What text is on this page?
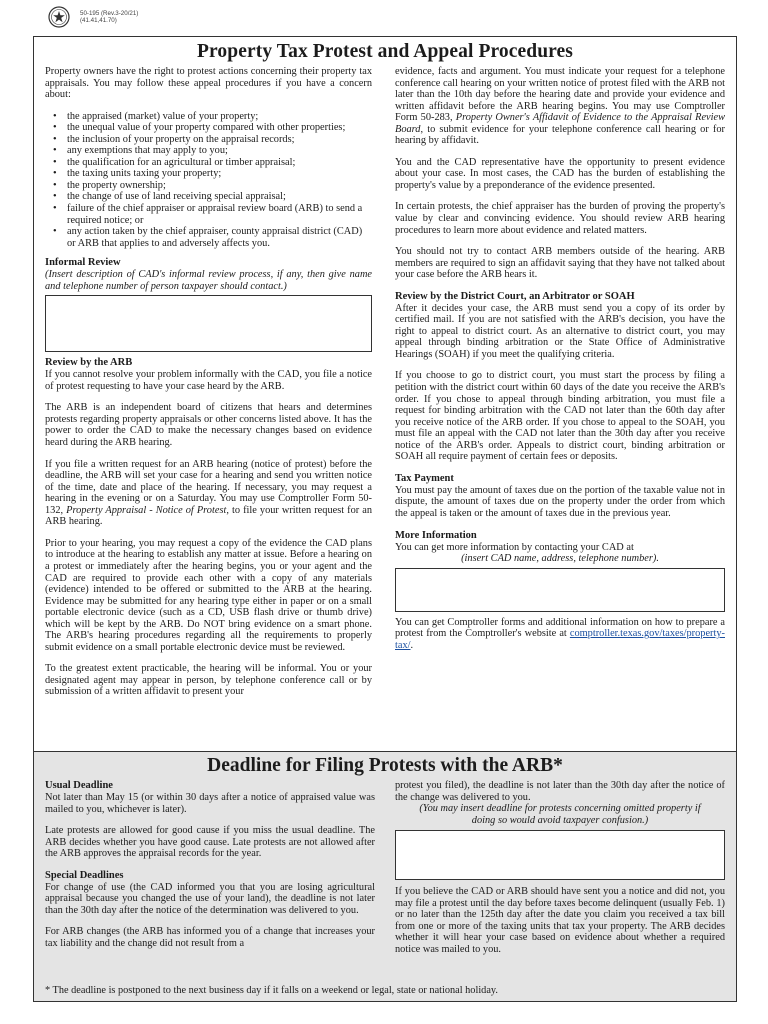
50-195 (Rev.3-20/21)
(41.41,41.70)
Property Tax Protest and Appeal Procedures

Property owners have the right to protest actions concerning their property tax appraisals. You may follow these appeal procedures if you have a concern about:

• the appraised (market) value of your property;
• the unequal value of your property compared with other properties;
• the inclusion of your property on the appraisal records;
• any exemptions that may apply to you;
• the qualification for an agricultural or timber appraisal;
• the taxing units taxing your property;
• the property ownership;
• the change of use of land receiving special appraisal;
• failure of the chief appraiser or appraisal review board (ARB) to send a required notice; or
• any action taken by the chief appraiser, county appraisal district (CAD) or ARB that applies to and adversely affects you.
Informal Review

(Insert description of CAD's informal review process, if any, then give name and telephone number of person taxpayer should contact.)

Review by the ARB

If you cannot resolve your problem informally with the CAD, you file a notice of protest requesting to have your case heard by the ARB.

The ARB is an independent board of citizens that hears and determines protests regarding property appraisals or other concerns listed above. It has the power to order the CAD to make the necessary changes based on evidence heard during the ARB hearing.

If you file a written request for an ARB hearing (notice of protest) before the deadline, the ARB will set your case for a hearing and send you written notice of the time, date and place of the hearing. If necessary, you may request a hearing in the evening or on a Saturday. You may use Comptroller Form 50-132, Property Appraisal - Notice of Protest, to file your written request for an ARB hearing.

Prior to your hearing, you may request a copy of the evidence the CAD plans to introduce at the hearing to establish any matter at issue. Before a hearing on a protest or immediately after the hearing begins, you or your agent and the CAD are required to provide each other with a copy of any materials (evidence) intended to be offered or submitted to the ARB at the hearing. Evidence may be submitted for any hearing type either in paper or on a small portable electronic device (such as a CD, USB flash drive or thumb drive) which will be kept by the ARB. Do NOT bring evidence on a smart phone. The ARB's hearing procedures regarding all the requirements to properly submit evidence on a small portable electronic device must be reviewed.

To the greatest extent practicable, the hearing will be informal. You or your designated agent may appear in person, by telephone conference call or by submission of a written affidavit to present your

evidence, facts and argument. You must indicate your request for a telephone conference call hearing on your written notice of protest filed with the ARB not later than the 10th day before the hearing date and provide your evidence and written affidavit before the ARB hearing begins. You may use Comptroller Form 50-283, Property Owner's Affidavit of Evidence to the Appraisal Review Board, to submit evidence for your telephone conference call hearing or for hearing by affidavit.

You and the CAD representative have the opportunity to present evidence about your case. In most cases, the CAD has the burden of establishing the property's value by a preponderance of the evidence presented.

In certain protests, the chief appraiser has the burden of proving the property's value by clear and convincing evidence. You should review ARB hearing procedures to learn more about evidence and related matters.

You should not try to contact ARB members outside of the hearing. ARB members are required to sign an affidavit saying that they have not talked about your case before the ARB hears it.

Review by the District Court, an Arbitrator or SOAH

After it decides your case, the ARB must send you a copy of its order by certified mail. If you are not satisfied with the ARB's decision, you have the right to appeal to district court. As an alternative to district court, you may appeal through binding arbitration or the State Office of Administrative Hearings (SOAH) if you meet the qualifying criteria.

If you choose to go to district court, you must start the process by filing a petition with the district court within 60 days of the date you receive the ARB's order. If you chose to appeal through binding arbitration, you must file a request for binding arbitration with the CAD not later than the 60th day after you receive notice of the ARB order. If you chose to appeal to the SOAH, you must file an appeal with the CAD not later than the 30th day after you receive notice of the ARB's order. Appeals to district court, binding arbitration or SOAH all require payment of certain fees or deposits.

Tax Payment

You must pay the amount of taxes due on the portion of the taxable value not in dispute, the amount of taxes due on the property under the order from which the appeal is taken or the amount of taxes due in the previous year.

More Information

You can get more information by contacting your CAD at

(insert CAD name, address, telephone number).

You can get Comptroller forms and additional information on how to prepare a protest from the Comptroller's website at comptroller.texas.gov/taxes/property-tax/.

Deadline for Filing Protests with the ARB*
Usual Deadline

Not later than May 15 (or within 30 days after a notice of appraised value was mailed to you, whichever is later).

Late protests are allowed for good cause if you miss the usual deadline. The ARB decides whether you have good cause. Late protests are not allowed after the ARB approves the appraisal records for the year.

Special Deadlines

For change of use (the CAD informed you that you are losing agricultural appraisal because you changed the use of your land), the deadline is not later than the 30th day after the notice of the determination was delivered to you.

For ARB changes (the ARB has informed you of a change that increases your tax liability and the change did not result from a

protest you filed), the deadline is not later than the 30th day after the notice of the change was delivered to you.

(You may insert deadline for protests concerning omitted property if doing so would avoid taxpayer confusion.)

If you believe the CAD or ARB should have sent you a notice and did not, you may file a protest until the day before taxes become delinquent (usually Feb. 1) or no later than the 125th day after the date you claim you received a tax bill from one or more of the taxing units that tax your property. The ARB decides whether it will hear your case based on evidence about whether a required notice was mailed to you.

* The deadline is postponed to the next business day if it falls on a weekend or legal, state or national holiday.
